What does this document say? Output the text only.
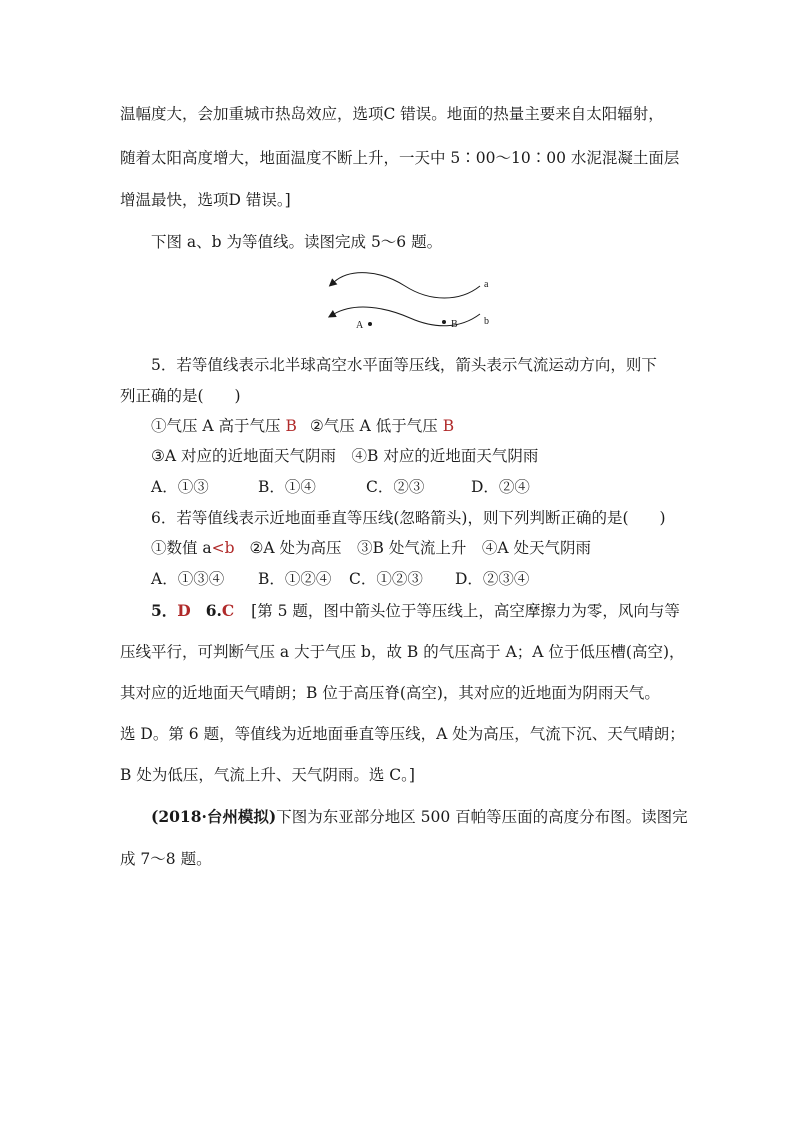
温幅度大，会加重城市热岛效应，选项C 错误。地面的热量主要来自太阳辐射，
随着太阳高度增大，地面温度不断上升，一天中 5∶00～10∶00 水泥混凝土面层
增温最快，选项D 错误。]
下图 a、b 为等值线。读图完成 5～6 题。
a
b
A	B
5．若等值线表示北半球高空水平面等压线，箭头表示气流运动方向，则下
列正确的是(　　)
①气压 A 高于气压 B ②气压 A 低于气压 B
③A 对应的近地面天气阴雨　④B 对应的近地面天气阴雨
A．①③	B．①④	C．②③	D．②④
6．若等值线表示近地面垂直等压线(忽略箭头)，则下列判断正确的是(　　)
①数值 a<b ②A 处为高压　③B 处气流上升　④A 处天气阴雨
A．①③④ B．①②④ C．①②③ D．②③④
5．D 6.C [第 5 题，图中箭头位于等压线上，高空摩擦力为零，风向与等
压线平行，可判断气压 a 大于气压 b，故 B 的气压高于 A；A 位于低压槽(高空)，
其对应的近地面天气晴朗；B 位于高压脊(高空)，其对应的近地面为阴雨天气。
选 D。第 6 题，等值线为近地面垂直等压线，A 处为高压，气流下沉、天气晴朗；
B 处为低压，气流上升、天气阴雨。选 C。]
(2018·台州模拟)下图为东亚部分地区 500 百帕等压面的高度分布图。读图完
成 7～8 题。
